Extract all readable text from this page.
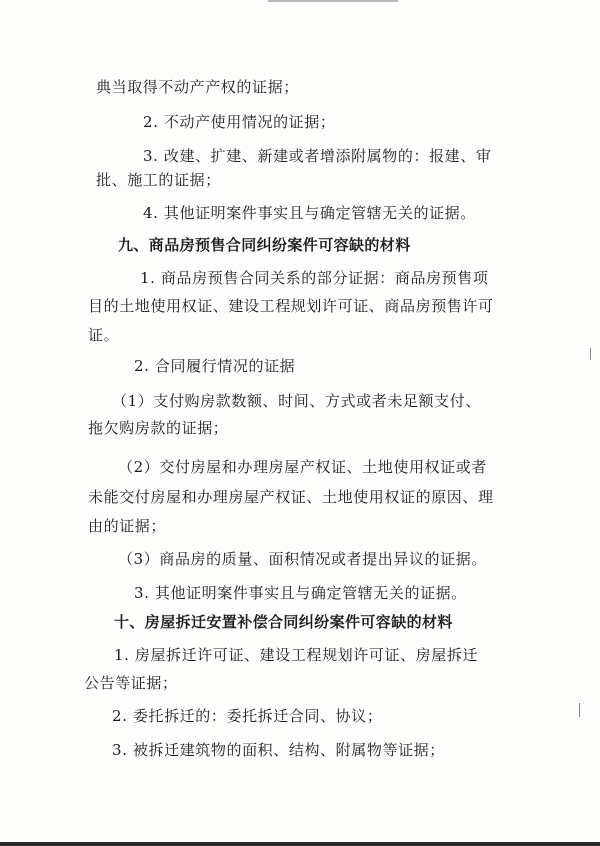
典当取得不动产产权的证据；
2. 不动产使用情况的证据；
3. 改建、扩建、新建或者增添附属物的：报建、审
批、施工的证据；
4. 其他证明案件事实且与确定管辖无关的证据。
九、商品房预售合同纠纷案件可容缺的材料
1. 商品房预售合同关系的部分证据：商品房预售项
目的土地使用权证、建设工程规划许可证、商品房预售许可
证。
2. 合同履行情况的证据
（1）支付购房款数额、时间、方式或者未足额支付、
拖欠购房款的证据；
（2）交付房屋和办理房屋产权证、土地使用权证或者
未能交付房屋和办理房屋产权证、土地使用权证的原因、理
由的证据；
（3）商品房的质量、面积情况或者提出异议的证据。
3. 其他证明案件事实且与确定管辖无关的证据。
十、房屋拆迁安置补偿合同纠纷案件可容缺的材料
1. 房屋拆迁许可证、建设工程规划许可证、房屋拆迁
公告等证据；
2. 委托拆迁的：委托拆迁合同、协议；
3. 被拆迁建筑物的面积、结构、附属物等证据；
